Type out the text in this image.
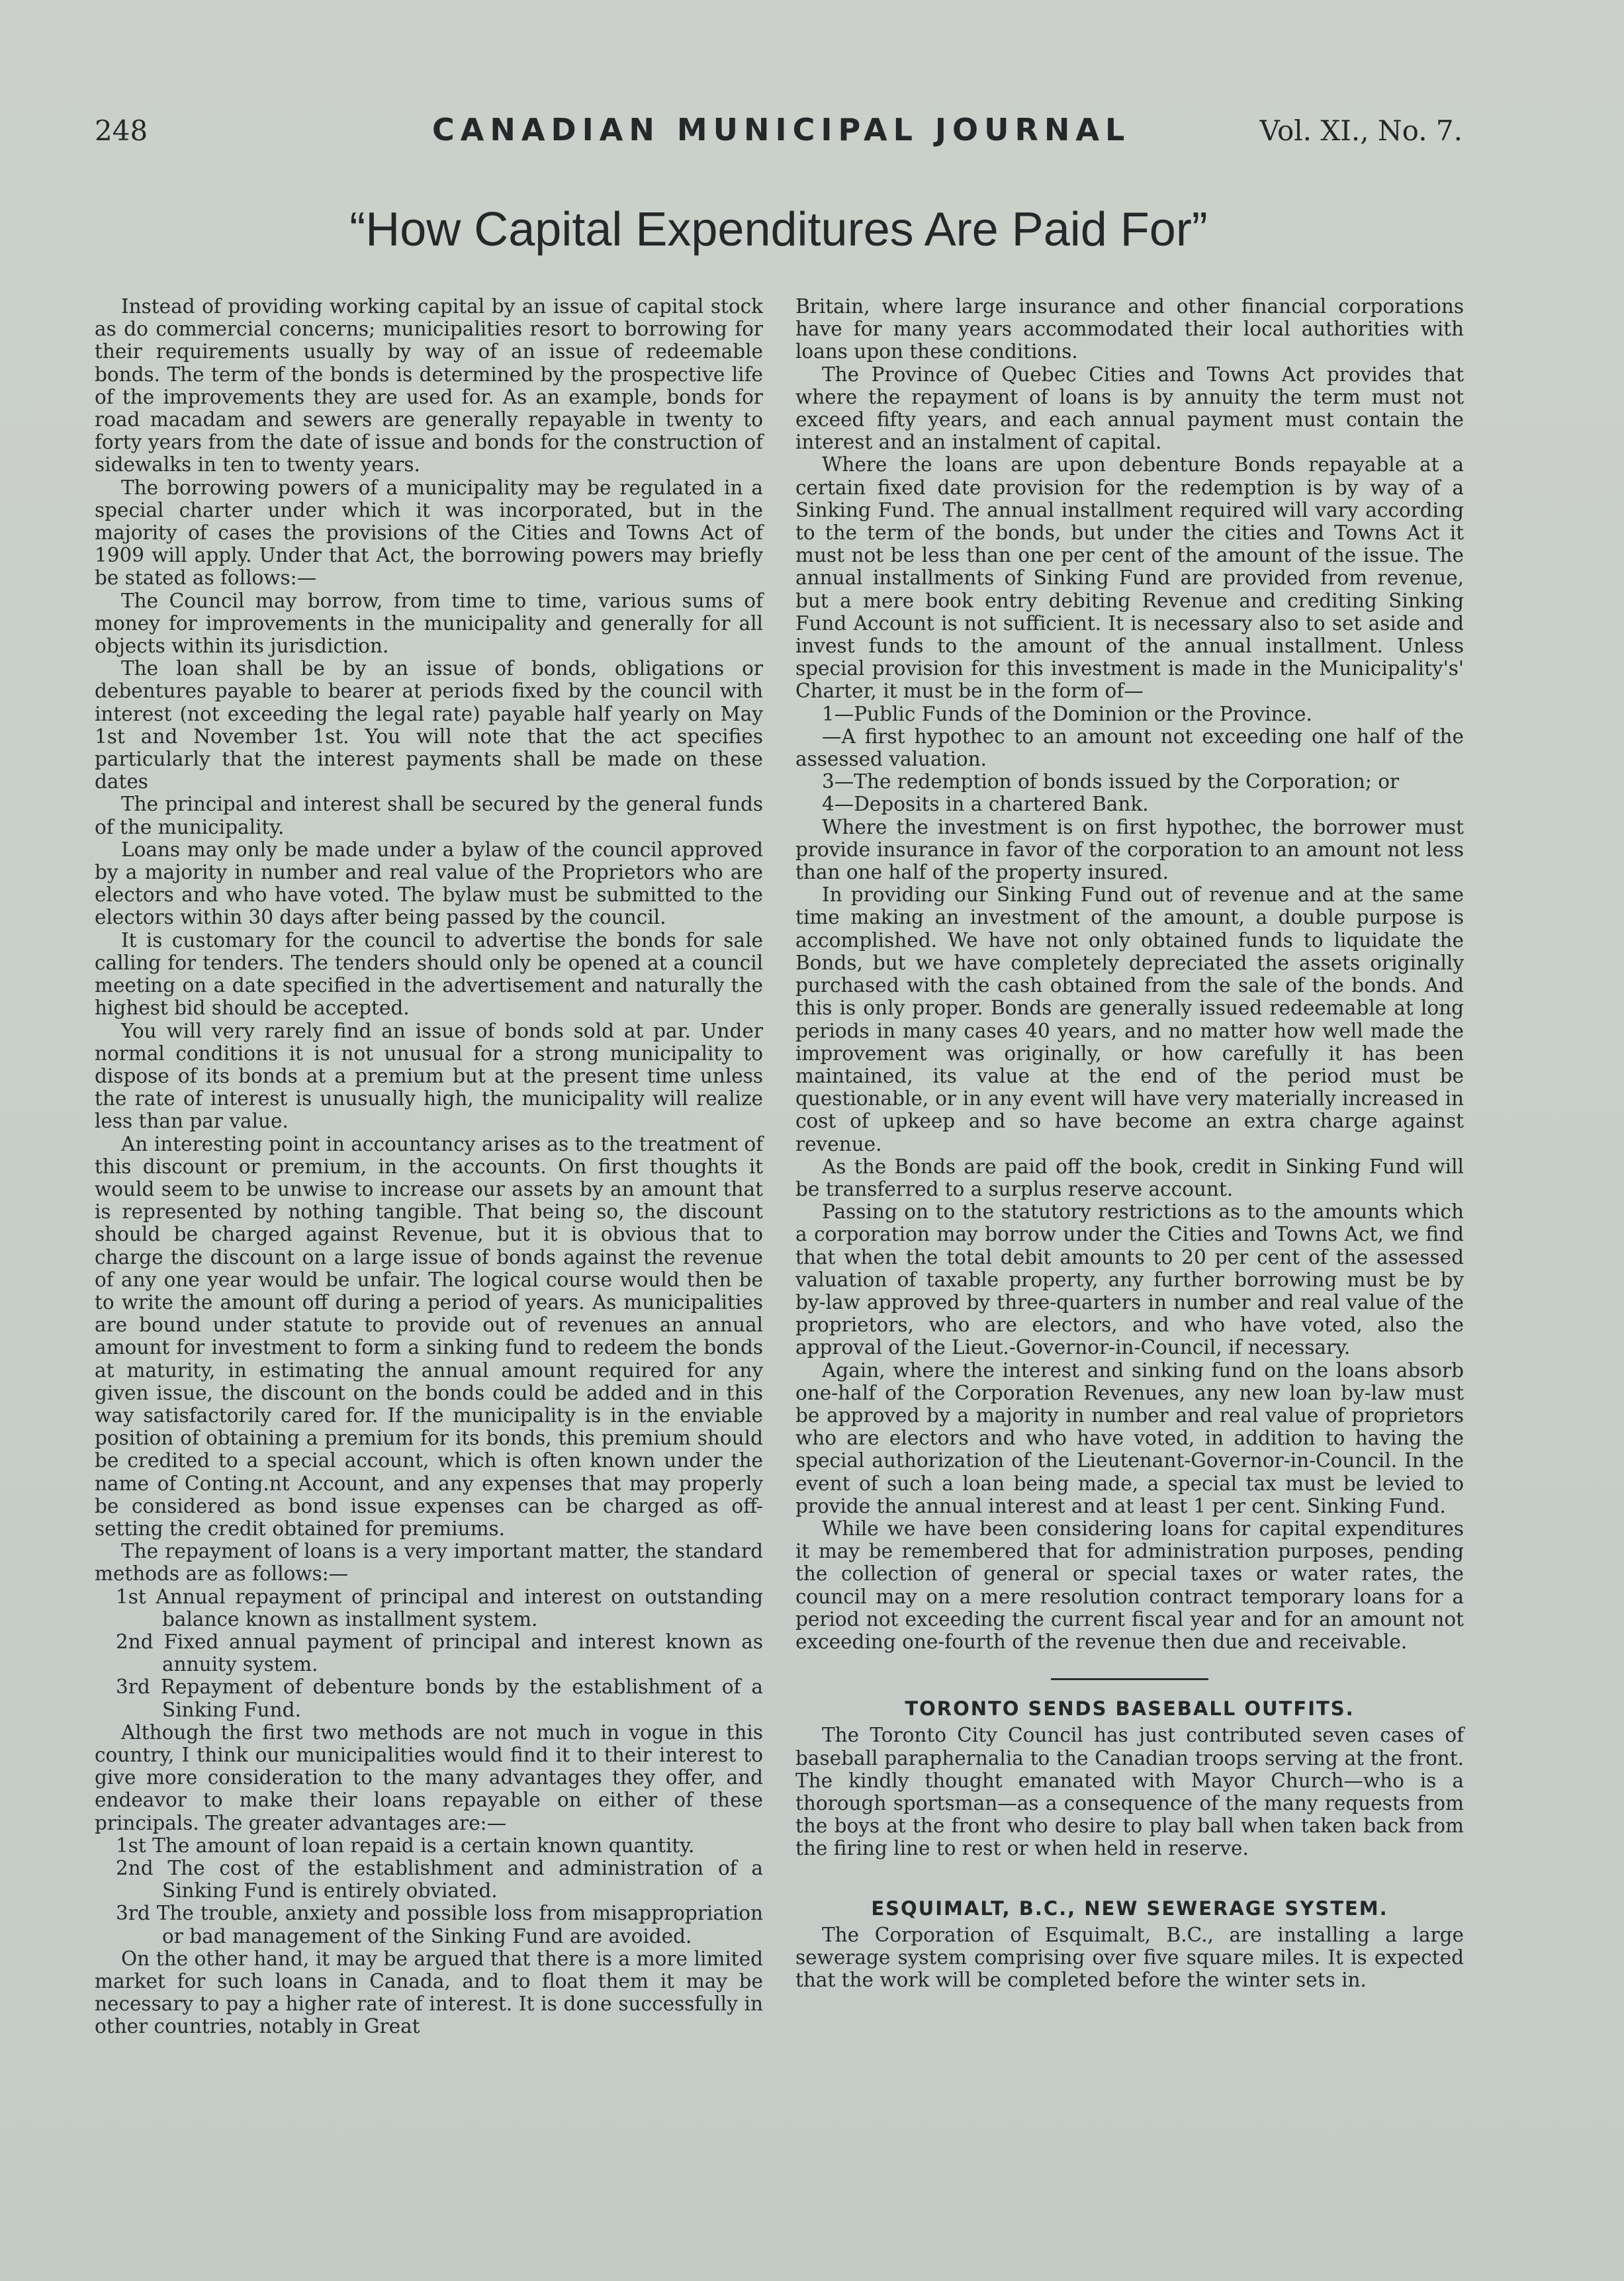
248	CANADIAN MUNICIPAL JOURNAL	Vol. XI., No. 7.
“How Capital Expenditures Are Paid For”

Instead of providing working capital by an issue of capital stock as do commercial concerns; municipalities resort to borrowing for their requirements usually by way of an issue of redeemable bonds. The term of the bonds is determined by the prospective life of the improvements they are used for. As an example, bonds for road macadam and sewers are generally repayable in twenty to forty years from the date of issue and bonds for the construction of sidewalks in ten to twenty years.

The borrowing powers of a municipality may be regulated in a special charter under which it was incorporated, but in the majority of cases the provisions of the Cities and Towns Act of 1909 will apply. Under that Act, the borrowing powers may briefly be stated as follows:—

The Council may borrow, from time to time, various sums of money for improvements in the municipality and generally for all objects within its jurisdiction.

The loan shall be by an issue of bonds, obligations or debentures payable to bearer at periods fixed by the council with interest (not exceeding the legal rate) payable half yearly on May 1st and November 1st. You will note that the act specifies particularly that the interest payments shall be made on these dates

The principal and interest shall be secured by the general funds of the municipality.

Loans may only be made under a bylaw of the council approved by a majority in number and real value of the Proprietors who are electors and who have voted. The bylaw must be submitted to the electors within 30 days after being passed by the council.

It is customary for the council to advertise the bonds for sale calling for tenders. The tenders should only be opened at a council meeting on a date specified in the advertisement and naturally the highest bid should be accepted.

You will very rarely find an issue of bonds sold at par. Under normal conditions it is not unusual for a strong municipality to dispose of its bonds at a premium but at the present time unless the rate of interest is unusually high, the municipality will realize less than par value.

An interesting point in accountancy arises as to the treatment of this discount or premium, in the accounts. On first thoughts it would seem to be unwise to increase our assets by an amount that is represented by nothing tangible. That being so, the discount should be charged against Revenue, but it is obvious that to charge the discount on a large issue of bonds against the revenue of any one year would be unfair. The logical course would then be to write the amount off during a period of years. As municipalities are bound under statute to provide out of revenues an annual amount for investment to form a sinking fund to redeem the bonds at maturity, in estimating the annual amount required for any given issue, the discount on the bonds could be added and in this way satisfactorily cared for. If the municipality is in the enviable position of obtaining a premium for its bonds, this premium should be credited to a special account, which is often known under the name of Conting.nt Account, and any expenses that may properly be considered as bond issue expenses can be charged as off-setting the credit obtained for premiums.

The repayment of loans is a very important matter, the standard methods are as follows:—

1st Annual repayment of principal and interest on outstanding balance known as installment system.
2nd Fixed annual payment of principal and interest known as annuity system.
3rd Repayment of debenture bonds by the establishment of a Sinking Fund.

Although the first two methods are not much in vogue in this country, I think our municipalities would find it to their interest to give more consideration to the many advantages they offer, and endeavor to make their loans repayable on either of these principals. The greater advantages are:—

1st The amount of loan repaid is a certain known quantity.
2nd The cost of the establishment and administration of a Sinking Fund is entirely obviated.
3rd The trouble, anxiety and possible loss from misappropriation or bad management of the Sinking Fund are avoided.

On the other hand, it may be argued that there is a more limited market for such loans in Canada, and to float them it may be necessary to pay a higher rate of interest. It is done successfully in other countries, notably in Great

Britain, where large insurance and other financial corporations have for many years accommodated their local authorities with loans upon these conditions.

The Province of Quebec Cities and Towns Act provides that where the repayment of loans is by annuity the term must not exceed fifty years, and each annual payment must contain the interest and an instalment of capital.

Where the loans are upon debenture Bonds repayable at a certain fixed date provision for the redemption is by way of a Sinking Fund. The annual installment required will vary according to the term of the bonds, but under the cities and Towns Act it must not be less than one per cent of the amount of the issue. The annual installments of Sinking Fund are provided from revenue, but a mere book entry debiting Revenue and crediting Sinking Fund Account is not sufficient. It is necessary also to set aside and invest funds to the amount of the annual installment. Unless special provision for this investment is made in the Municipality's' Charter, it must be in the form of—

1—Public Funds of the Dominion or the Province.

—A first hypothec to an amount not exceeding one half of the assessed valuation.

3—The redemption of bonds issued by the Corporation; or

4—Deposits in a chartered Bank.

Where the investment is on first hypothec, the borrower must provide insurance in favor of the corporation to an amount not less than one half of the property insured.

In providing our Sinking Fund out of revenue and at the same time making an investment of the amount, a double purpose is accomplished. We have not only obtained funds to liquidate the Bonds, but we have completely depreciated the assets originally purchased with the cash obtained from the sale of the bonds. And this is only proper. Bonds are generally issued redeemable at long periods in many cases 40 years, and no matter how well made the improvement was originally, or how carefully it has been maintained, its value at the end of the period must be questionable, or in any event will have very materially increased in cost of upkeep and so have become an extra charge against revenue.

As the Bonds are paid off the book, credit in Sinking Fund will be transferred to a surplus reserve account.

Passing on to the statutory restrictions as to the amounts which a corporation may borrow under the Cities and Towns Act, we find that when the total debit amounts to 20 per cent of the assessed valuation of taxable property, any further borrowing must be by by-law approved by three-quarters in number and real value of the proprietors, who are electors, and who have voted, also the approval of the Lieut.-Governor-in-Council, if necessary.

Again, where the interest and sinking fund on the loans absorb one-half of the Corporation Revenues, any new loan by-law must be approved by a majority in number and real value of proprietors who are electors and who have voted, in addition to having the special authorization of the Lieutenant-Governor-in-Council. In the event of such a loan being made, a special tax must be levied to provide the annual interest and at least 1 per cent. Sinking Fund.

While we have been considering loans for capital expenditures it may be remembered that for administration purposes, pending the collection of general or special taxes or water rates, the council may on a mere resolution contract temporary loans for a period not exceeding the current fiscal year and for an amount not exceeding one-fourth of the revenue then due and receivable.

TORONTO SENDS BASEBALL OUTFITS.

The Toronto City Council has just contributed seven cases of baseball paraphernalia to the Canadian troops serving at the front. The kindly thought emanated with Mayor Church—who is a thorough sportsman—as a consequence of the many requests from the boys at the front who desire to play ball when taken back from the firing line to rest or when held in reserve.

ESQUIMALT, B.C., NEW SEWERAGE SYSTEM.

The Corporation of Esquimalt, B.C., are installing a large sewerage system comprising over five square miles. It is expected that the work will be completed before the winter sets in.
